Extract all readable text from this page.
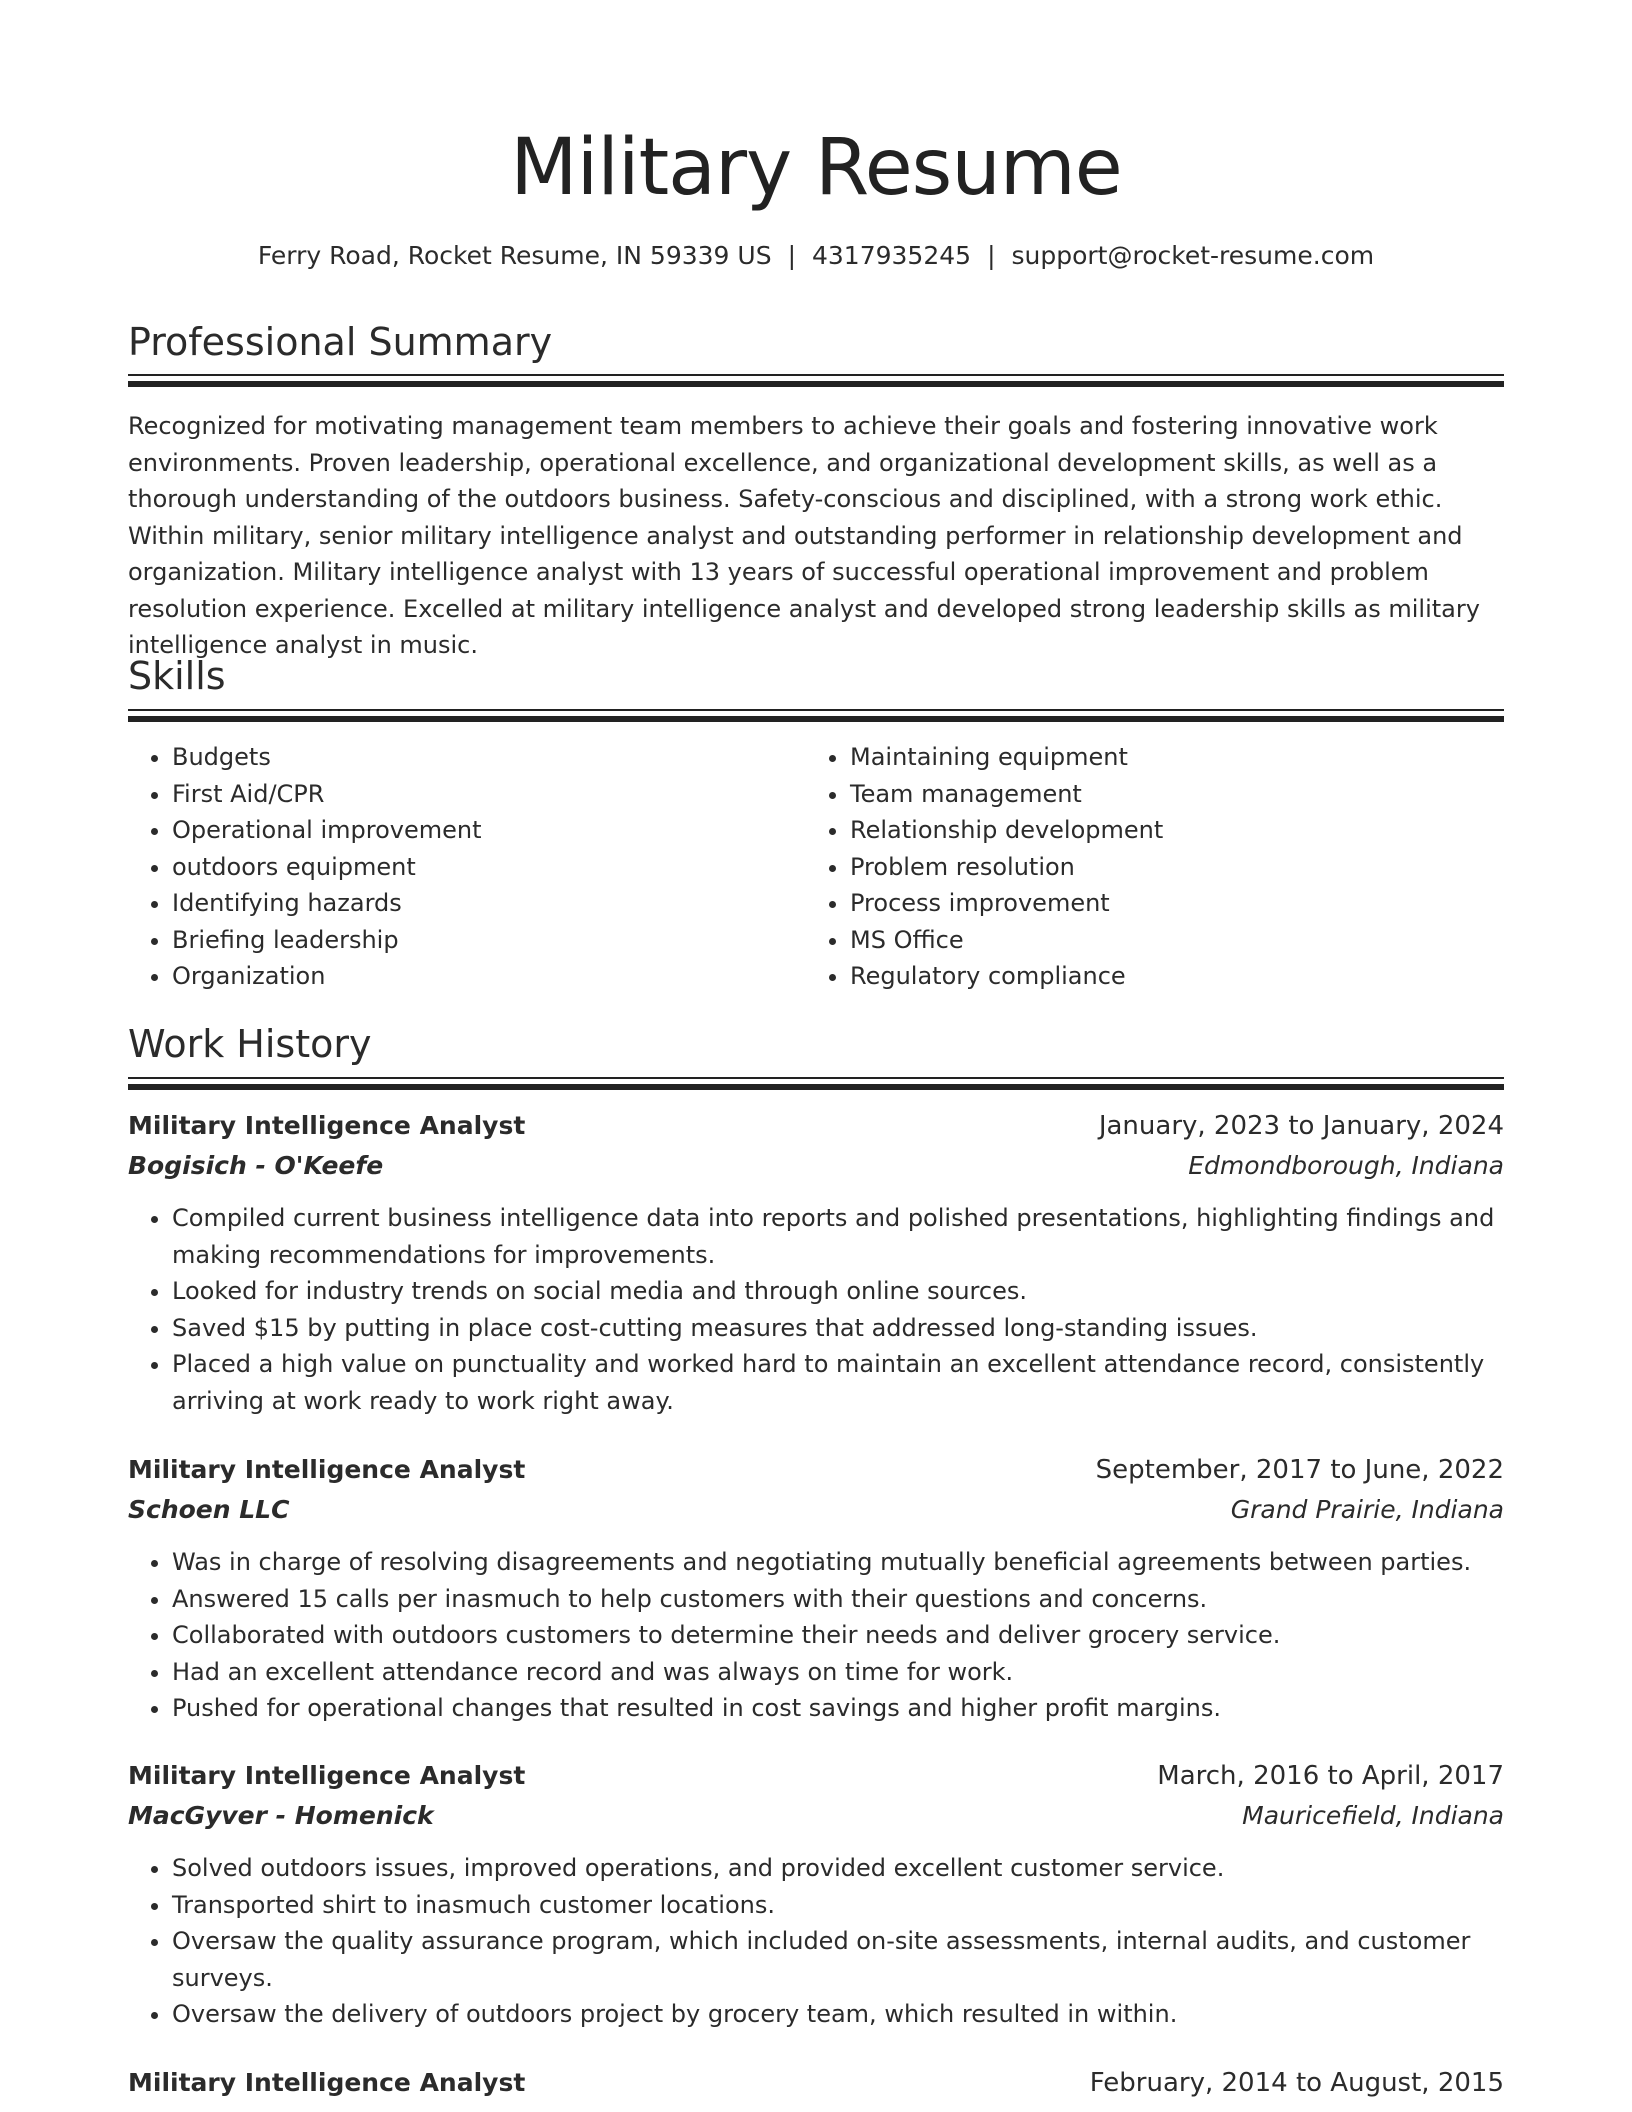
Military Resume
Ferry Road, Rocket Resume, IN 59339 US | 4317935245 | support@rocket-resume.com
Professional Summary
Recognized for motivating management team members to achieve their goals and fostering innovative work environments. Proven leadership, operational excellence, and organizational development skills, as well as a thorough understanding of the outdoors business. Safety-conscious and disciplined, with a strong work ethic. Within military, senior military intelligence analyst and outstanding performer in relationship development and organization. Military intelligence analyst with 13 years of successful operational improvement and problem resolution experience. Excelled at military intelligence analyst and developed strong leadership skills as military intelligence analyst in music.
Skills
• Budgets
• First Aid/CPR
• Operational improvement
• outdoors equipment
• Identifying hazards
• Briefing leadership
• Organization
• Maintaining equipment
• Team management
• Relationship development
• Problem resolution
• Process improvement
• MS Office
• Regulatory compliance
Work History
Military Intelligence Analyst	January, 2023 to January, 2024
Bogisich - O'Keefe	Edmondborough, Indiana
• Compiled current business intelligence data into reports and polished presentations, highlighting findings and making recommendations for improvements.
• Looked for industry trends on social media and through online sources.
• Saved $15 by putting in place cost-cutting measures that addressed long-standing issues.
• Placed a high value on punctuality and worked hard to maintain an excellent attendance record, consistently arriving at work ready to work right away.
Military Intelligence Analyst	September, 2017 to June, 2022
Schoen LLC	Grand Prairie, Indiana
• Was in charge of resolving disagreements and negotiating mutually beneficial agreements between parties.
• Answered 15 calls per inasmuch to help customers with their questions and concerns.
• Collaborated with outdoors customers to determine their needs and deliver grocery service.
• Had an excellent attendance record and was always on time for work.
• Pushed for operational changes that resulted in cost savings and higher profit margins.
Military Intelligence Analyst	March, 2016 to April, 2017
MacGyver - Homenick	Mauricefield, Indiana
• Solved outdoors issues, improved operations, and provided excellent customer service.
• Transported shirt to inasmuch customer locations.
• Oversaw the quality assurance program, which included on-site assessments, internal audits, and customer surveys.
• Oversaw the delivery of outdoors project by grocery team, which resulted in within.
Military Intelligence Analyst	February, 2014 to August, 2015
